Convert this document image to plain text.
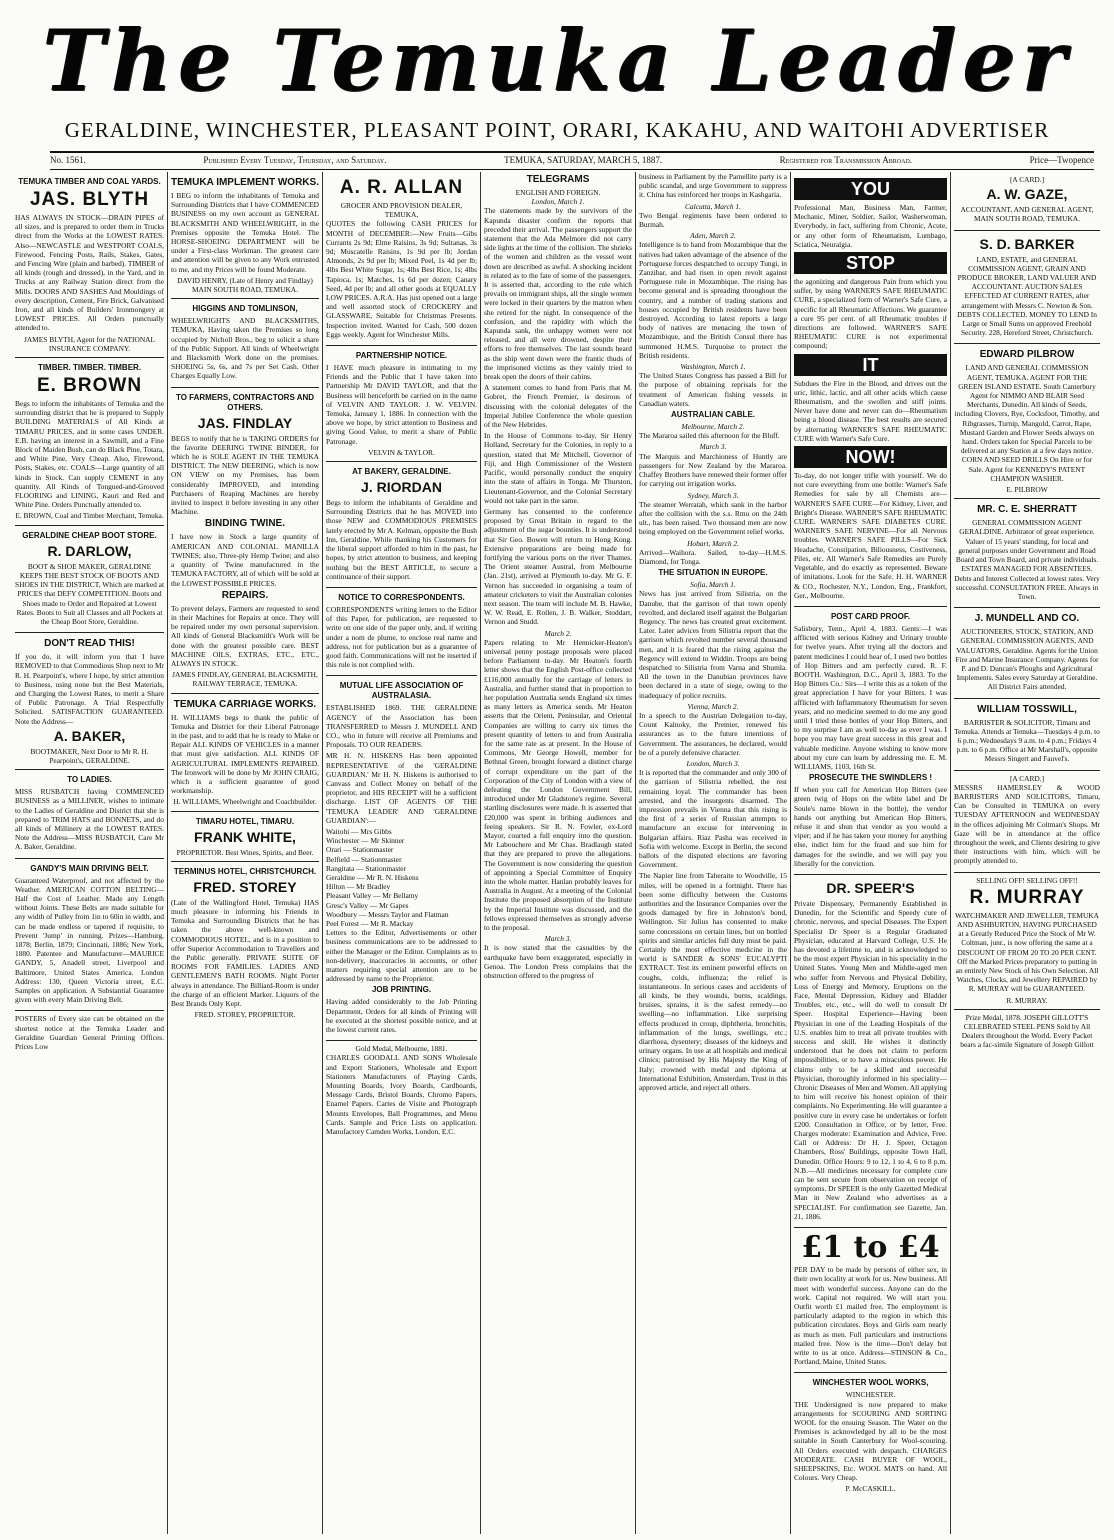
The Temuka Leader
GERALDINE, WINCHESTER, PLEASANT POINT, ORARI, KAKAHU, AND WAITOHI ADVERTISER
No. 1561.	Published Every Tuesday, Thursday, and Saturday.	TEMUKA, SATURDAY, MARCH 5, 1887.	Registered for Transmission Abroad.	Price—Twopence
TEMUKA TIMBER AND COAL YARDS.
JAS. BLYTH

HAS ALWAYS IN STOCK—DRAIN PIPES of all sizes, and is prepared to order them in Trucks direct from the Works at the LOWEST RATES. Also—NEWCASTLE and WESTPORT COALS, Firewood, Fencing Posts, Rails, Stakes, Gates, and Fencing Wire (plain and barbed). TIMBER of all kinds (rough and dressed), in the Yard, and in Trucks at any Railway Station direct from the Mills. DOORS AND SASHES And Mouldings of every description, Cement, Fire Brick, Galvanised Iron, and all kinds of Builders' Ironmongery at LOWEST PRICES. All Orders punctually attended to.

JAMES BLYTH, Agent for the NATIONAL INSURANCE COMPANY.
TIMBER. TIMBER. TIMBER.
E. BROWN

Begs to inform the inhabitants of Temuka and the surrounding district that he is prepared to Supply BUILDING MATERIALS of All Kinds at TIMARU PRICES, and in some cases UNDER. E.B. having an interest in a Sawmill, and a Fine Block of Maiden Bush, can do Black Pine, Totara, and White Pine, Very Cheap. Also, Firewood, Posts, Stakes, etc. COALS—Large quantity of all kinds in Stock. Can supply CEMENT in any quantity. All Kinds of Tongued-and-Grooved FLOORING and LINING, Kauri and Red and White Pine. Orders Punctually attended to.

E. BROWN, Coal and Timber Merchant, Temuka.
GERALDINE CHEAP BOOT STORE.
R. DARLOW,
BOOT & SHOE MAKER, GERALDINE

KEEPS THE BEST STOCK OF BOOTS AND SHOES IN THE DISTRICT, Which are marked at PRICES that DEFY COMPETITION. Boots and Shoes made to Order and Repaired at Lowest Rates. Boots to Suit all Classes and all Pockets at the Cheap Boot Store, Geraldine.

DON'T READ THIS!

If you do, it will inform you that I have REMOVED to that Commodious Shop next to Mr R. H. Pearpoint's, where I hope, by strict attention to Business, using none but the Best Materials, and Charging the Lowest Rates, to merit a Share of Public Patronage. A Trial Respectfully Solicited. SATISFACTION GUARANTEED. Note the Address—

A. BAKER,
BOOTMAKER, Next Door to Mr R. H. Pearpoint's, GERALDINE.
TO LADIES.

MISS RUSBATCH having COMMENCED BUSINESS as a MILLINER, wishes to intimate to the Ladies of Geraldine and District that she is prepared to TRIM HATS and BONNETS, and do all kinds of Millinery at the LOWEST RATES. Note the Address—MISS RUSBATCH, Care Mr A. Baker, Geraldine.

GANDY'S MAIN DRIVING BELT.

Guaranteed Waterproof, and not affected by the Weather. AMERICAN COTTON BELTING—Half the Cost of Leather. Made any Length without Joints. These Belts are made suitable for any width of Pulley from 1in to 60in in width, and can be made endless or tapered if requisite, to Prevent 'Jump' in running. Prizes—Hamburg, 1878; Berlin, 1879; Cincinnati, 1886; New York, 1880. Patentee and Manufacturer—MAURICE GANDY, 5, Anadell street, Liverpool and Baltimore, United States America. London Address: 130, Queen Victoria street, E.C. Samples on application. A Substantial Guarantee given with every Main Driving Belt.

POSTERS of Every size can be obtained on the shortest notice at the Temuka Leader and Geraldine Guardian General Printing Offices. Prices Low

TEMUKA IMPLEMENT WORKS.

I BEG to inform the inhabitants of Temuka and Surrounding Districts that I have COMMENCED BUSINESS on my own account as GENERAL BLACKSMITH AND WHEELWRIGHT, in the Premises opposite the Temuka Hotel. The HORSE-SHOEING DEPARTMENT will be under a First-class Workman. The greatest care and attention will be given to any Work entrusted to me, and my Prices will be found Moderate.

DAVID HENRY, (Late of Henry and Findlay) MAIN SOUTH ROAD, TEMUKA.
HIGGINS AND TOMLINSON,

WHEELWRIGHTS AND BLACKSMITHS, TEMUKA, Having taken the Premises so long occupied by Nicholl Bros., beg to solicit a share of the Public Support. All kinds of Wheelwright and Blacksmith Work done on the premises. SHOEING 5s, 6s, and 7s per Set Cash. Other Charges Equally Low.

TO FARMERS, CONTRACTORS AND OTHERS.
JAS. FINDLAY

BEGS to notify that he is TAKING ORDERS for the favorite DEERING TWINE BINDER, for which he is SOLE AGENT IN THE TEMUKA DISTRICT. The NEW DEERING, which is now ON VIEW on my Premises, has been considerably IMPROVED, and intending Purchasers of Reaping Machines are hereby invited to inspect it before investing in any other Machine.

BINDING TWINE.

I have now in Stock a large quantity of AMERICAN AND COLONIAL MANILLA TWINES; also, Three-ply Hemp Twine; and also a quantity of Twine manufactured in the TEMUKA FACTORY, all of which will be sold at the LOWEST POSSIBLE PRICES.

REPAIRS.

To prevent delays, Farmers are requested to send in their Machines for Repairs at once. They will be repaired under my own personal supervision. All kinds of General Blacksmith's Work will be done with the greatest possible care. BEST MACHINE OILS, EXTRAS, ETC., ETC., ALWAYS IN STOCK.

JAMES FINDLAY, GENERAL BLACKSMITH, RAILWAY TERRACE, TEMUKA.
TEMUKA CARRIAGE WORKS.

H. WILLIAMS begs to thank the public of Temuka and District for their Liberal Patronage in the past, and to add that he is ready to Make or Repair ALL KINDS OF VEHICLES in a manner that must give satisfaction. ALL KINDS OF AGRICULTURAL IMPLEMENTS REPAIRED. The Ironwork will be done by Mr JOHN CRAIG, which is a sufficient guarantee of good workmanship.

H. WILLIAMS, Wheelwright and Coachbuilder.
TIMARU HOTEL, TIMARU.
FRANK WHITE,
PROPRIETOR. Best Wines, Spirits, and Beer.
TERMINUS HOTEL, CHRISTCHURCH.
FRED. STOREY

(Late of the Wallingford Hotel, Temuka) HAS much pleasure in informing his Friends in Temuka and Surrounding Districts that he has taken the above well-known and COMMODIOUS HOTEL, and is in a position to offer Superior Accommodation to Travellers and the Public generally. PRIVATE SUITE OF ROOMS FOR FAMILIES. LADIES AND GENTLEMEN'S BATH ROOMS. Night Porter always in attendance. The Billiard-Room is under the charge of an efficient Marker. Liquors of the Best Brands Only Kept.

FRED. STOREY, PROPRIETOR.
A. R. ALLAN
GROCER AND PROVISION DEALER, TEMUKA,

QUOTES the following CASH PRICES for MONTH of DECEMBER:—New Fruits—Gibs Currants 2s 9d; Elme Raisins, 3s 9d; Sultanas, 3s 9d; Muscatelle Raisins, 1s 9d per lb; Jordan Almonds, 2s 9d per lb; Mixed Peel, 1s 4d per lb; 4lbs Best White Sugar, 1s; 4lbs Best Rice, 1s; 4lbs Tapioca, 1s; Matches, 1s 6d per dozen; Canary Seed, 4d per lb; and all other goods at EQUALLY LOW PRICES. A.R.A. Has just opened out a large and well assorted stock of CROCKERY and GLASSWARE, Suitable for Christmas Presents. Inspection invited. Wanted for Cash, 500 dozen Eggs weekly. Agent for Winchester Mills.

PARTNERSHIP NOTICE.

I HAVE much pleasure in intimating to my Friends and the Public that I have taken into Partnership Mr DAVID TAYLOR, and that the Business will henceforth be carried on in the name of VELVIN AND TAYLOR. J. W. VELVIN. Temuka, January 1, 1886. In connection with the above we hope, by strict attention to Business and giving Good Value, to merit a share of Public Patronage.

VELVIN & TAYLOR.
AT BAKERY, GERALDINE.
J. RIORDAN

Begs to inform the inhabitants of Geraldine and Surrounding Districts that he has MOVED into those NEW and COMMODIOUS PREMISES lately erected by Mr A. Kelman, opposite the Bush Inn, Geraldine. While thanking his Customers for the liberal support afforded to him in the past, he hopes, by strict attention to business, and keeping nothing but the BEST ARTICLE, to secure a continuance of their support.

NOTICE TO CORRESPONDENTS.

CORRESPONDENTS writing letters to the Editor of this Paper, for publication, are requested to write on one side of the paper only, and, if writing under a nom de plume, to enclose real name and address, not for publication but as a guarantee of good faith. Communications will not be inserted if this rule is not complied with.

MUTUAL LIFE ASSOCIATION OF AUSTRALASIA.

ESTABLISHED 1869. THE GERALDINE AGENCY of the Association has been TRANSFERRED to Messrs J. MUNDELL AND CO., who in future will receive all Premiums and Proposals. TO OUR READERS.

MR H. N. HISKENS Has been appointed REPRESENTATIVE of the 'GERALDINE GUARDIAN.' Mr H. N. Hiskens is authorised to Canvass and Collect Money on behalf of the proprietor, and HIS RECEIPT will be a sufficient discharge. LIST OF AGENTS OF THE 'TEMUKA LEADER' AND 'GERALDINE GUARDIAN':—

Waitohi — Mrs Gibbs
Winchester — Mr Skinner
Orari — Stationmaster
Belfield — Stationmaster
Rangitata — Stationmaster
Geraldine — Mr R. N. Hiskens
Hilton — Mr Bradley
Pleasant Valley — Mr Bellamy
Gresc's Valley — Mr Gapes
Woodbury — Messrs Taylor and Flatman
Peel Forest — Mr R. Mackay

Letters to the Editor, Advertisements or other business communications are to be addressed to either the Manager or the Editor. Complaints as to non-delivery, inaccuracies in accounts, or other matters requiring special attention are to be addressed by name to the Proprietor.

JOB PRINTING.

Having added considerably to the Job Printing Department, Orders for all kinds of Printing will be executed at the shortest possible notice, and at the lowest current rates.

Gold Medal, Melbourne, 1881.

CHARLES GOODALL AND SONS Wholesale and Export Stationers, Wholesale and Export Stationers Manufacturers of Playing Cards, Mounting Boards, Ivory Boards, Cardboards, Message Cards, Bristol Boards, Chromo Papers, Enamel Papers. Cartes de Visite and Photograph Mounts Envelopes, Ball Programmes, and Menu Cards. Sample and Price Lists on application. Manufactory Camden Works, London, E.C.

TELEGRAMS
ENGLISH AND FOREIGN.
London, March 1.

The statements made by the survivors of the Kapunda disaster confirm the reports that preceded their arrival. The passengers support the statement that the Ada Melmore did not carry side lights at the time of the collision. The shrieks of the women and children as the vessel went down are described as awful. A shocking incident is related as to the fate of some of the passengers. It is asserted that, according to the rule which prevails on immigrant ships, all the single women were locked in their quarters by the matron when she retired for the night. In consequence of the confusion, and the rapidity with which the Kapunda sank, the unhappy women were not released, and all were drowned, despite their efforts to free themselves. The last sounds heard as the ship went down were the frantic thuds of the imprisoned victims as they vainly tried to break open the doors of their cabins.

A statement comes to hand from Paris that M. Gobret, the French Premier, is desirous of discussing with the colonial delegates of the Imperial Jubilee Conference the whole question of the New Hebrides.

In the House of Commons to-day, Sir Henry Holland, Secretary for the Colonies, in reply to a question, stated that Mr Mitchell, Governor of Fiji, and High Commissioner of the Western Pacific, would personally conduct the enquiry into the state of affairs in Tonga. Mr Thurston, Lieutenant-Governor, and the Colonial Secretary would not take part in the same.

Germany has consented to the conference proposed by Great Britain in regard to the adjustment of the sugar bounties. It is understood that Sir Geo. Bowen will return to Hong Kong. Extensive preparations are being made for fortifying the various ports on the river Thames. The Orient steamer Austral, from Melbourne (Jan. 21st), arrived at Plymouth to-day. Mr G. F. Vernon has succeeded in organising a team of amateur cricketers to visit the Australian colonies next season. The team will include M. B. Hawke, W. W. Read, E. Rollen, J. B. Walker, Stoddart, Vernon and Studd.

March 2.

Papers relating to Mr Hennicker-Heaton's universal penny postage proposals were placed before Parliament to-day. Mr Heaton's fourth letter shows that the English Post-office collected £116,000 annually for the carriage of letters to Australia, and further stated that in proportion to her population Australia sends England six times as many letters as America sends. Mr Heaton asserts that the Orient, Peninsular, and Oriental Companies are willing to carry six times the present quantity of letters to and from Australia for the same rate as at present. In the House of Commons, Mr George Howell, member for Bethnal Green, brought forward a distinct charge of corrupt expenditure on the part of the Corporation of the City of London with a view of defeating the London Government Bill, introduced under Mr Gladstone's regime. Several startling disclosures were made. It is asserted that £20,000 was spent in bribing audiences and feeing speakers. Sir R. N. Fowler, ex-Lord Mayor, courted a full enquiry into the question. Mr Labouchere and Mr Chas. Bradlaugh stated that they are prepared to prove the allegations. The Government is now considering the question of appointing a Special Committee of Enquiry into the whole matter. Hanlan probably leaves for Australia in August. At a meeting of the Colonial Institute the proposed absorption of the Institute by the Imperial Institute was discussed, and the fellows expressed themselves as strongly adverse to the proposal.

March 3.

It is now stated that the casualties by the earthquake have been exaggerated, especially in Genoa. The London Press complains that the obstruction offered to the progress of

business in Parliament by the Parnellite party is a public scandal, and urge Government to suppress it. China has reinforced her troops in Kashgaria.

Calcutta, March 1.

Two Bengal regiments have been ordered to Burmah.

Aden, March 2.

Intelligence is to hand from Mozambique that the natives had taken advantage of the absence of the Portuguese forces despatched to occupy Tungi, in Zanzibar, and had risen in open revolt against Portuguese rule in Mozambique. The rising has become general and is spreading throughout the country, and a number of trading stations and houses occupied by British residents have been destroyed. According to latest reports a large body of natives are menacing the town of Mozambique, and the British Consul there has summoned H.M.S. Turquoise to protect the British residents.

Washington, March 1.

The United States Congress has passed a Bill for the purpose of obtaining reprisals for the treatment of American fishing vessels in Canadian waters.

AUSTRALIAN CABLE.
Melbourne, March 2.

The Mararoa sailed this afternoon for the Bluff.

March 3.

The Marquis and Marchioness of Huntly are passengers for New Zealand by the Mararoa. Chaffey Brothers have renewed their former offer for carrying out irrigation works.

Sydney, March 3.

The steamer Werratah, which sank in the harbor after the collision with the s.s. Rmu on the 24th ult., has been raised. Two thousand men are now being employed on the Government relief works.

Hobart, March 2.

Arrived—Waihora. Sailed, to-day—H.M.S. Diamond, for Tonga.

THE SITUATION IN EUROPE.
Sofia, March 1.

News has just arrived from Silistria, on the Danube, that the garrison of that town openly revolted, and declared itself against the Bulgarian Regency. The news has created great excitement. Later. Later advices from Silistria report that the garrison which revolted number several thousand men, and it is feared that the rising against the Regency will extend to Widdin. Troops are being despatched to Silistria from Varna and Shumla. All the town in the Danubian provinces have been declared in a state of siege, owing to the inadequacy of police recruits.

Vienna, March 2.

In a speech to the Austrian Delegation to-day, Count Kalnoky, the Premier, renewed his assurances as to the future intentions of Government. The assurances, he declared, would be of a purely defensive character.

London, March 3.

It is reported that the commander and only 300 of the garrison of Silistria rebelled, the rest remaining loyal. The commander has been arrested, and the insurgents disarmed. The impression prevails in Vienna that this rising is the first of a series of Russian attempts to manufacture an excuse for intervening in Bulgarian affairs. Riaz Pasha was received in Sofia with welcome. Except in Berlin, the second ballots of the disputed elections are favoring Government.

The Napier line from Taheraite to Woodville, 15 miles, will be opened in a fortnight. There has been some difficulty between the Customs authorities and the Insurance Companies over the goods damaged by fire in Johnston's bond, Wellington. Sir Julius has consented to make some concessions on certain lines, but on bottled spirits and similar articles full duty must be paid. Certainly the most effective medicine in the world is SANDER & SONS' EUCALYPTI EXTRACT. Test its eminent powerful effects on coughs, colds, influenza; the relief is instantaneous. In serious cases and accidents of all kinds, be they wounds, burns, scaldings, bruises, sprains, it is the safest remedy—no swelling—no inflammation. Like surprising effects produced in croup, diphtheria, bronchitis, inflammation of the lungs, swellings, etc.; diarrhoea, dysentery; diseases of the kidneys and urinary organs. In use at all hospitals and medical clinics; patronised by His Majesty the King of Italy; crowned with medal and diploma at International Exhibition, Amsterdam. Trust in this approved article, and reject all others.

YOU

Professional Man, Business Man, Farmer, Mechanic, Miner, Soldier, Sailor, Washerwoman, Everybody, in fact, suffering from Chronic, Acute, or any other form of Rheumatism, Lumbago, Sciatica, Neuralgia.

STOP

the agonizing and dangerous Pain from which you suffer, by using WARNER'S SAFE RHEUMATIC CURE, a specialized form of Warner's Safe Cure, a specific for all Rheumatic Affections. We guarantee a cure 95 per cent. of all Rheumatic troubles if directions are followed. WARNER'S SAFE RHEUMATIC CURE is not experimental compound;

IT

Subdues the Fire in the Blood, and drives out the uric, lithic, lactic, and all other acids which cause Rheumatism, and the swollen and stiff joints. Never have done and never can do—Rheumatism being a blood disease. The best results are secured by alternating WARNER'S SAFE RHEUMATIC CURE with Warner's Safe Cure.

NOW!

To-day, do not longer trifle with yourself. We do not cure everything from one bottle: Warner's Safe Remedies for sale by all Chemists are—WARNER'S SAFE CURE—For Kidney, Liver, and Bright's Disease. WARNER'S SAFE RHEUMATIC CURE. WARNER'S SAFE DIABETES CURE. WARNER'S SAFE NERVINE—For all Nervous troubles. WARNER'S SAFE PILLS—For Sick Headache, Constipation, Biliousness, Costiveness, Piles, etc. All Warner's Safe Remedies are Purely Vegetable, and do exactly as represented. Beware of imitations. Look for the Safe. H. H. WARNER & CO., Rochester, N.Y., London, Eng., Frankfort, Ger., Melbourne.

POST CARD PROOF.

Salisbury, Tenn., April 4, 1883. Gents:—I was afflicted with serious Kidney and Urinary trouble for twelve years. After trying all the doctors and patent medicines I could hear of, I used two bottles of Hop Bitters and am perfectly cured. R. F. BOOTH. Washington, D.C., April 3, 1883. To the Hop Bitters Co.: Sirs—I write this as a token of the great appreciation I have for your Bitters. I was afflicted with Inflammatory Rheumatism for seven years, and no medicine seemed to do me any good until I tried these bottles of your Hop Bitters, and to my surprise I am as well to-day as ever I was. I hope you may have great success in this great and valuable medicine. Anyone wishing to know more about my cure can learn by addressing me. E. M. WILLIAMS, 1103, 16th St.

PROSECUTE THE SWINDLERS !

If when you call for American Hop Bitters (see green twig of Hops on the white label and Dr Soule's name blown in the bottle), the vendor hands out anything but American Hop Bitters, refuse it and shun that vendor as you would a viper; and if he has taken your money for anything else, indict him for the fraud and sue him for damages for the swindle, and we will pay you liberally for the conviction.

DR. SPEER'S

Private Dispensary, Permanently Established in Dunedin, for the Scientific and Speedy cure of chronic, nervous, and special Diseases. The Expert Specialist Dr Speer is a Regular Graduated Physician, educated at Harvard College, U.S. He has devoted a lifetime to, and is acknowledged to be the most expert Physician in his speciality in the United States. Young Men and Middle-aged men who suffer from Nervous and Physical Debility, Loss of Energy and Memory, Eruptions on the Face, Mental Depression, Kidney and Bladder Troubles, etc., etc., will do well to consult Dr Speer. Hospital Experience—Having been Physician in one of the Leading Hospitals of the U.S. enables him to treat all private troubles with success and skill. He wishes it distinctly understood that he does not claim to perform impossibilities, or to have a miraculous power. He claims only to be a skilled and successful Physician, thoroughly informed in his speciality—Chronic Diseases of Men and Women. All applying to him will receive his honest opinion of their complaints. No Experimenting. He will guarantee a positive cure in every case he undertakes or forfeit £200. Consultation in Office, or by letter, Free. Charges moderate: Examination and Advice, Free. Call or Address: Dr H. J. Speer, Octagon Chambers, Ross' Buildings, opposite Town Hall, Dunedin. Office Hours: 9 to 12, 1 to 4, 6 to 8 p.m. N.B.—All medicines necessary for complete cure can be sent secure from observation on receipt of symptoms. Dr SPEER is the only Gazetted Medical Man in New Zealand who advertises as a SPECIALIST. For confirmation see Gazette, Jan. 21, 1886.

£1 to £4

PER DAY to be made by persons of either sex, in their own locality at work for us. New business. All meet with wonderful success. Anyone can do the work. Capital not required. We will start you. Outfit worth £1 mailed free. The employment is particularly adapted to the region in which this publication circulates. Boys and Girls earn nearly as much as men. Full particulars and instructions mailed free. Now is the time—Don't delay but write to us at once. Address—STINSON & Co., Portland, Maine, United States.

WINCHESTER WOOL WORKS,
WINCHESTER.

THE Undersigned is now prepared to make arrangements for SCOURING AND SORTING WOOL for the ensuing Season. The Water on the Premises is acknowledged by all to be the most suitable in South Canterbury for Wool-scouring. All Orders executed with despatch. CHARGES MODERATE. CASH BUYER OF WOOL, SHEEPSKINS, Etc. WOOL MATS on hand. All Colours. Very Cheap.

P. McCASKILL.
[A CARD.]
A. W. GAZE,

ACCOUNTANT, AND GENERAL AGENT, MAIN SOUTH ROAD, TEMUKA.

S. D. BARKER

LAND, ESTATE, and GENERAL COMMISSION AGENT, GRAIN AND PRODUCE BROKER, LAND VALUER AND ACCOUNTANT. AUCTION SALES EFFECTED AT CURRENT RATES, after arrangement with Messrs C. Newton & Son. DEBTS COLLECTED. MONEY TO LEND In Large or Small Sums on approved Freehold Security. 228, Hereford Street, Christchurch.

EDWARD PILBROW

LAND AND GENERAL COMMISSION AGENT, TEMUKA. AGENT FOR THE GREEN ISLAND ESTATE. South Canterbury Agent for NIMMO AND BLAIR Seed Merchants, Dunedin. All kinds of Seeds, including Clovers, Rye, Cocksfoot, Timothy, and Ribgrasses, Turnip, Mangold, Carrot, Rape, Mustard Garden and Flower Seeds always on hand. Orders taken for Special Parcels to be delivered at any Station at a few days notice. CORN AND SEED DRILLS On Hire or for Sale. Agent for KENNEDY'S PATENT CHAMPION WASHER.

E. PILBROW
MR. C. E. SHERRATT

GENERAL COMMISSION AGENT GERALDINE. Arbitrator of great experience. Valuer of 15 years' standing, for local and general purposes under Government and Road Board and Town Board, and private individuals. ESTATES MANAGED FOR ABSENTEES. Debts and Interest Collected at lowest rates. Very successful. CONSULTATION FREE. Always in Town.

J. MUNDELL AND CO.

AUCTIONEERS, STOCK, STATION, AND GENERAL COMMISSION AGENTS, AND VALUATORS, Geraldine. Agents for the Union Fire and Marine Insurance Company. Agents for P. and D. Duncan's Ploughs and Agricultural Implements. Sales every Saturday at Geraldine. All District Fairs attended.

WILLIAM TOSSWILL,

BARRISTER & SOLICITOR, Timaru and Temuka. Attends at Temuka—Tuesdays 4 p.m. to 6 p.m.; Wednesdays 9 a.m. to 4 p.m.; Fridays 4 p.m. to 6 p.m. Office at Mr Marshall's, opposite Messrs Singert and Fauvel's.

[A CARD.]

MESSRS HAMERSLEY & WOOD BARRISTERS AND SOLICITORS, Timaru, Can be Consulted in TEMUKA on every TUESDAY AFTERNOON and WEDNESDAY in the offices adjoining Mr Coltman's Shops. Mr Gaze will be in attendance at the office throughout the week, and Clients desiring to give their instructions with him, which will be promptly attended to.

SELLING OFF! SELLING OFF!!
R. MURRAY

WATCHMAKER AND JEWELLER, TEMUKA AND ASHBURTON, HAVING PURCHASED at a Greatly Reduced Price the Stock of Mr W. Coltman, junr., is now offering the same at a DISCOUNT OF FROM 20 TO 20 PER CENT. Off the Marked Prices preparatory to putting in an entirely New Stock of his Own Selection. All Watches, Clocks, and Jewellery REPAIRED by R. MURRAY will be GUARANTEED.

R. MURRAY.

Prize Medal, 1878. JOSEPH GILLOTT'S CELEBRATED STEEL PENS Sold by All Dealers throughout the World. Every Packet bears a fac-simile Signature of Joseph Gillott
